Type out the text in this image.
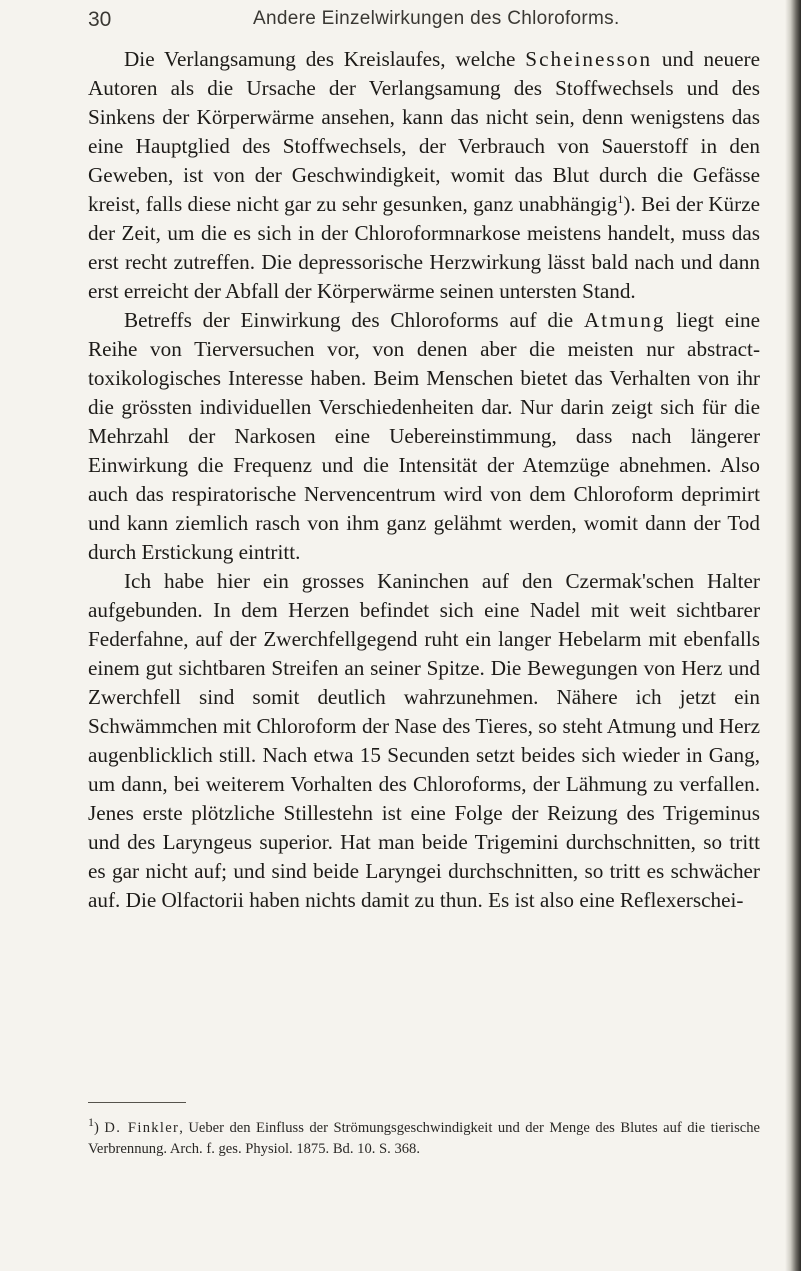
30	Andere Einzelwirkungen des Chloroforms.

Die Verlangsamung des Kreislaufes, welche Scheinesson und neuere Autoren als die Ursache der Verlangsamung des Stoffwechsels und des Sinkens der Körperwärme ansehen, kann das nicht sein, denn wenigstens das eine Hauptglied des Stoffwechsels, der Verbrauch von Sauerstoff in den Geweben, ist von der Geschwindigkeit, womit das Blut durch die Gefässe kreist, falls diese nicht gar zu sehr gesunken, ganz unabhängig$^1$). Bei der Kürze der Zeit, um die es sich in der Chloroformnarkose meistens handelt, muss das erst recht zutreffen. Die depressorische Herzwirkung lässt bald nach und dann erst erreicht der Abfall der Körperwärme seinen untersten Stand.

Betreffs der Einwirkung des Chloroforms auf die Atmung liegt eine Reihe von Tierversuchen vor, von denen aber die meisten nur abstract-toxikologisches Interesse haben. Beim Menschen bietet das Verhalten von ihr die grössten individuellen Verschiedenheiten dar. Nur darin zeigt sich für die Mehrzahl der Narkosen eine Uebereinstimmung, dass nach längerer Einwirkung die Frequenz und die Intensität der Atemzüge abnehmen. Also auch das respiratorische Nervencentrum wird von dem Chloroform deprimirt und kann ziemlich rasch von ihm ganz gelähmt werden, womit dann der Tod durch Erstickung eintritt.

Ich habe hier ein grosses Kaninchen auf den Czermak'schen Halter aufgebunden. In dem Herzen befindet sich eine Nadel mit weit sichtbarer Federfahne, auf der Zwerchfellgegend ruht ein langer Hebelarm mit ebenfalls einem gut sichtbaren Streifen an seiner Spitze. Die Bewegungen von Herz und Zwerchfell sind somit deutlich wahrzunehmen. Nähere ich jetzt ein Schwämmchen mit Chloroform der Nase des Tieres, so steht Atmung und Herz augenblicklich still. Nach etwa 15 Secunden setzt beides sich wieder in Gang, um dann, bei weiterem Vorhalten des Chloroforms, der Lähmung zu verfallen. Jenes erste plötzliche Stillestehn ist eine Folge der Reizung des Trigeminus und des Laryngeus superior. Hat man beide Trigemini durchschnitten, so tritt es gar nicht auf; und sind beide Laryngei durchschnitten, so tritt es schwächer auf. Die Olfactorii haben nichts damit zu thun. Es ist also eine Reflexerschei-

$^1$) D. Finkler, Ueber den Einfluss der Strömungsgeschwindigkeit und der Menge des Blutes auf die tierische Verbrennung. Arch. f. ges. Physiol. 1875. Bd. 10. S. 368.
